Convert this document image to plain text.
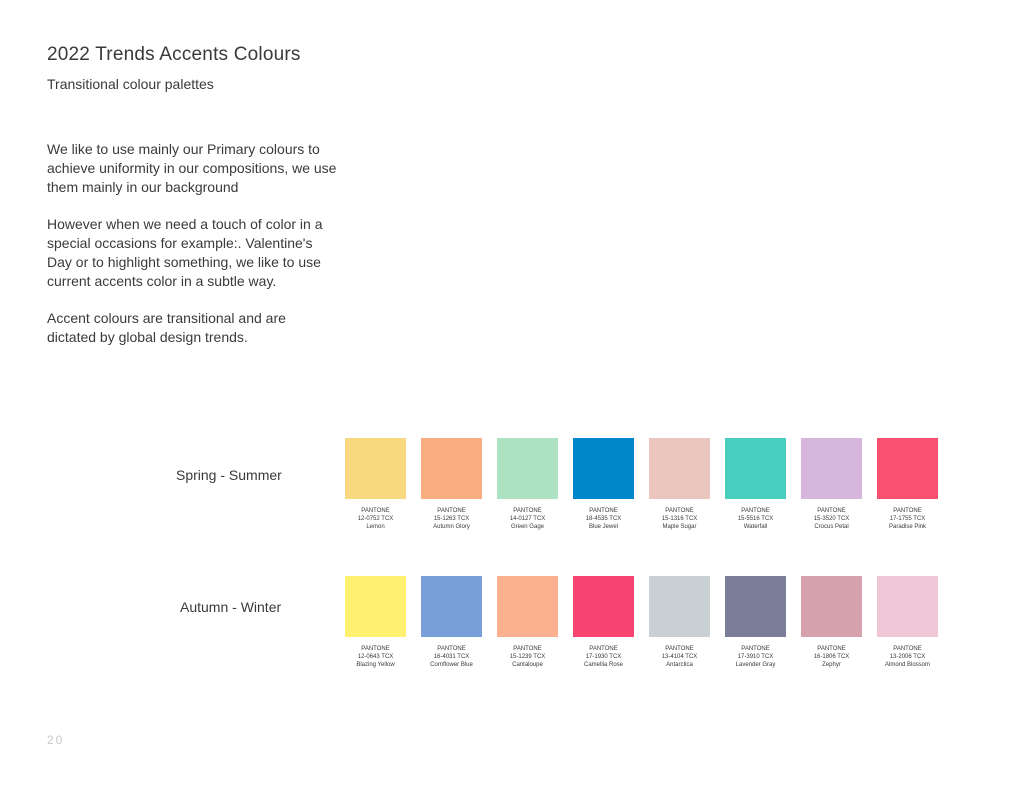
2022 Trends Accents Colours
Transitional colour palettes

We like to use mainly our Primary colours to achieve uniformity in our compositions, we use them mainly in our background

However when we need a touch of color in a special occasions for example:. Valentine's Day or to highlight something, we like to use current accents color in a subtle way.

Accent colours are transitional and are dictated by global design trends.

Spring - Summer
PANTONE
12-0752 TCX
Lemon
PANTONE
15-1263 TCX
Autumn Glory
PANTONE
14-0127 TCX
Green Gage
PANTONE
18-4535 TCX
Blue Jewel
PANTONE
15-1316 TCX
Maple Sugar
PANTONE
15-5516 TCX
Waterfall
PANTONE
15-3520 TCX
Crocus Petal
PANTONE
17-1755 TCX
Paradise Pink
Autumn - Winter
PANTONE
12-0643 TCX
Blazing Yellow
PANTONE
16-4031 TCX
Cornflower Blue
PANTONE
15-1239 TCX
Cantaloupe
PANTONE
17-1930 TCX
Camellia Rose
PANTONE
13-4104 TCX
Antarctica
PANTONE
17-3910 TCX
Lavender Gray
PANTONE
16-1806 TCX
Zephyr
PANTONE
13-2006 TCX
Almond Blossom
20
